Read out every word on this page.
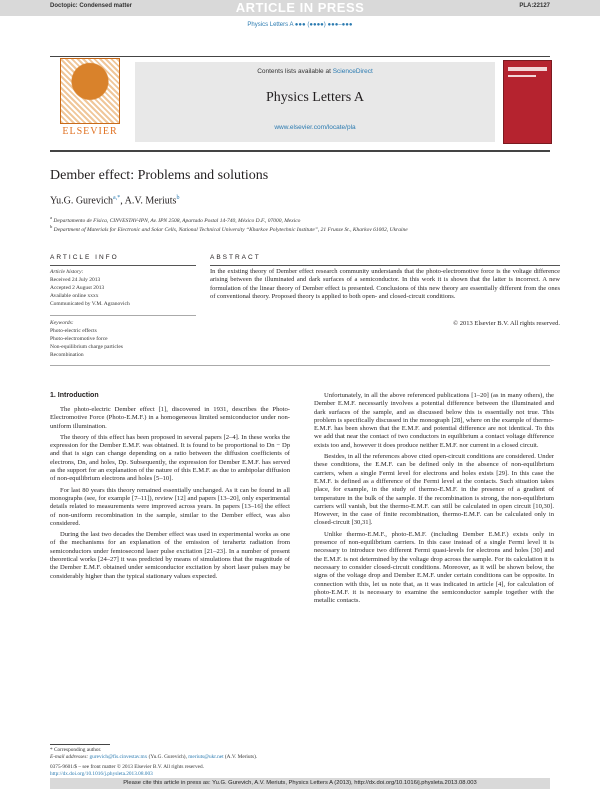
Doctopic: Condensed matter	ARTICLE IN PRESS	PLA:22127
Physics Letters A ●●● (●●●●) ●●●–●●●
ELSEVIER
Contents lists available at ScienceDirect
Physics Letters A
www.elsevier.com/locate/pla
Dember effect: Problems and solutions
Yu.G. Gurevich$^{a,*}$, A.V. Meriuts$^b$
$^a$ Departamento de Física, CINVESTAV-IPN, Av. IPN 2508, Apartado Postal 14-740, México D.F., 07000, Mexico
$^b$ Department of Materials for Electronic and Solar Cells, National Technical University “Kharkov Polytechnic Institute”, 21 Frunze St., Kharkov 61002, Ukraine
ARTICLE INFO
Article history:
Received 24 July 2013
Accepted 2 August 2013
Available online xxxx
Communicated by V.M. Agranovich
Keywords:
Photo-electric effects
Photo-electromotive force
Non-equilibrium charge particles
Recombination
ABSTRACT
In the existing theory of Dember effect research community understands that the photo-electromotive force is the voltage difference arising between the illuminated and dark surfaces of a semiconductor. In this work it is shown that the latter is incorrect. A new formulation of the linear theory of Dember effect is presented. Conclusions of this new theory are essentially different from the ones of conventional theory. Proposed theory is applied to both open- and closed-circuit conditions.
© 2013 Elsevier B.V. All rights reserved.
1. Introduction

The photo-electric Dember effect [1], discovered in 1931, describes the Photo-Electromotive Force (Photo-E.M.F.) in a homogeneous limited semiconductor under non-uniform illumination.

The theory of this effect has been proposed in several papers [2–4]. In these works the expression for the Dember E.M.F. was obtained. It is found to be proportional to Dn − Dp and that is sign can change depending on a ratio between the diffusion coefficients of electrons, Dn, and holes, Dp. Subsequently, the expression for Dember E.M.F. has served as the support for an explanation of the nature of this E.M.F. as due to ambipolar diffusion of non-equilibrium electrons and holes [5–10].

For last 80 years this theory remained essentially unchanged. As it can be found in all monographs (see, for example [7–11]), review [12] and papers [13–20], only experimental details related to measurements were improved across years. In papers [13–16] the effect of non-uniform recombination in the sample, similar to the Dember effect, was also considered.

During the last two decades the Dember effect was used in experimental works as one of the mechanisms for an explanation of the emission of terahertz radiation from semiconductors under femtosecond laser pulse excitation [21–23]. In a number of present theoretical works [24–27] it was predicted by means of simulations that the magnitude of the Dember E.M.F. obtained under semiconductor excitation by short laser pulses may be considerably higher than the typical stationary values expected.

Unfortunately, in all the above referenced publications [1–20] (as in many others), the Dember E.M.F. necessarily involves a potential difference between the illuminated and dark surfaces of the sample, and as discussed below this is essentially not true. This problem is specifically discussed in the monograph [28], where on the example of thermo-E.M.F. has been shown that the E.M.F. and potential difference are not identical. To this we add that near the contact of two conductors in equilibrium a contact voltage difference exists too and, however it does produce neither E.M.F. nor current in a closed circuit.

Besides, in all the references above cited open-circuit conditions are considered. Under these conditions, the E.M.F. can be defined only in the absence of non-equilibrium carriers, when a single Fermi level for electrons and holes exists [29]. In this case the E.M.F. is defined as a difference of the Fermi level at the contacts. Such situation takes place, for example, in the study of thermo-E.M.F. in the presence of a gradient of temperature in the bulk of the sample. If the recombination is strong, the non-equilibrium carriers will vanish, but the thermo-E.M.F. can still be calculated in open circuit [10,30]. However, in the case of finite recombination, thermo-E.M.F. can be calculated only in closed-circuit [30,31].

Unlike thermo-E.M.F., photo-E.M.F. (including Dember E.M.F.) exists only in presence of non-equilibrium carriers. In this case instead of a single Fermi level it is necessary to introduce two different Fermi quasi-levels for electrons and holes [30] and the E.M.F. is not determined by the voltage drop across the sample. For its calculation it is necessary to consider closed-circuit conditions. Moreover, as it will be shown below, the signs of the voltage drop and Dember E.M.F. under certain conditions can be opposite. In connection with this, let us note that, as it was indicated in article [4], for calculation of photo-E.M.F. it is necessary to examine the semiconductor sample together with the metallic contacts.

* Corresponding author.
E-mail addresses: gurevich@fis.cinvestav.mx (Yu.G. Gurevich), meriuts@ukr.net (A.V. Meriuts).
0375-9601/$ – see front matter © 2013 Elsevier B.V. All rights reserved.
http://dx.doi.org/10.1016/j.physleta.2013.08.003
Please cite this article in press as: Yu.G. Gurevich, A.V. Meriuts, Physics Letters A (2013), http://dx.doi.org/10.1016/j.physleta.2013.08.003
